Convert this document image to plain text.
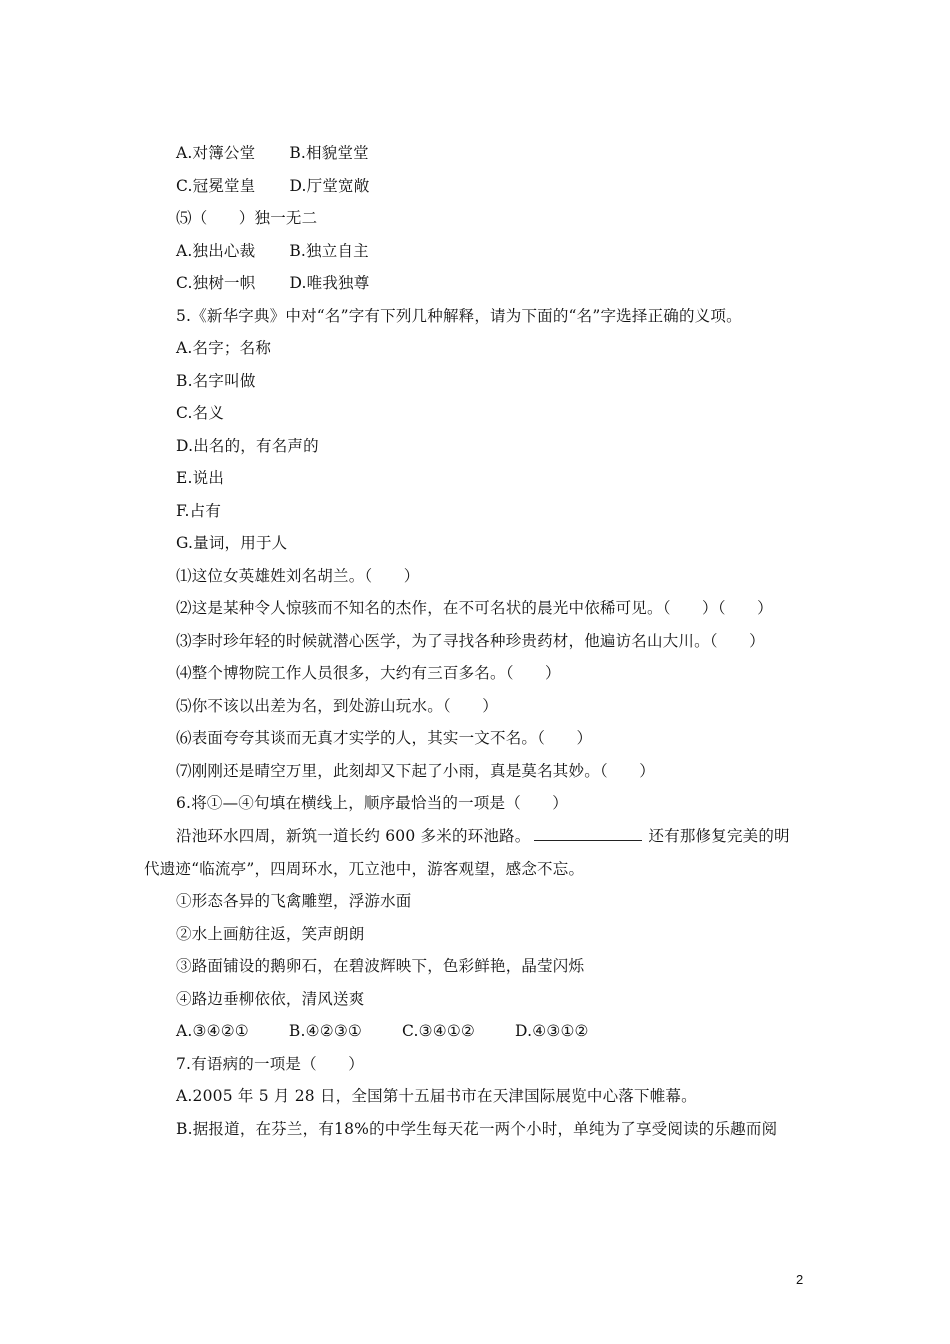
A.对簿公堂 B.相貌堂堂
C.冠冕堂皇 D.厅堂宽敞
⑸（　　）独一无二
A.独出心裁 B.独立自主
C.独树一帜 D.唯我独尊
5.《新华字典》中对“名”字有下列几种解释，请为下面的“名”字选择正确的义项。
A.名字；名称
B.名字叫做
C.名义
D.出名的，有名声的
E.说出
F.占有
G.量词，用于人
⑴这位女英雄姓刘名胡兰。（　　）
⑵这是某种令人惊骇而不知名的杰作，在不可名状的晨光中依稀可见。（　　）（　　）
⑶李时珍年轻的时候就潜心医学，为了寻找各种珍贵药材，他遍访名山大川。（　　）
⑷整个博物院工作人员很多，大约有三百多名。（　　）
⑸你不该以出差为名，到处游山玩水。（　　）
⑹表面夸夸其谈而无真才实学的人，其实一文不名。（　　）
⑺刚刚还是晴空万里，此刻却又下起了小雨，真是莫名其妙。（　　）
6.将①—④句填在横线上，顺序最恰当的一项是（　　）
沿池环水四周，新筑一道长约 600 多米的环池路。	还有那修复完美的明
代遗迹“临流亭”，四周环水，兀立池中，游客观望，感念不忘。
①形态各异的飞禽雕塑，浮游水面
②水上画舫往返，笑声朗朗
③路面铺设的鹅卵石，在碧波辉映下，色彩鲜艳，晶莹闪烁
④路边垂柳依依，清风送爽
A.③④②①	B.④②③①	C.③④①②	D.④③①②
7.有语病的一项是（　　）
A.2005 年 5 月 28 日，全国第十五届书市在天津国际展览中心落下帷幕。
B.据报道，在芬兰，有18%的中学生每天花一两个小时，单纯为了享受阅读的乐趣而阅
2
